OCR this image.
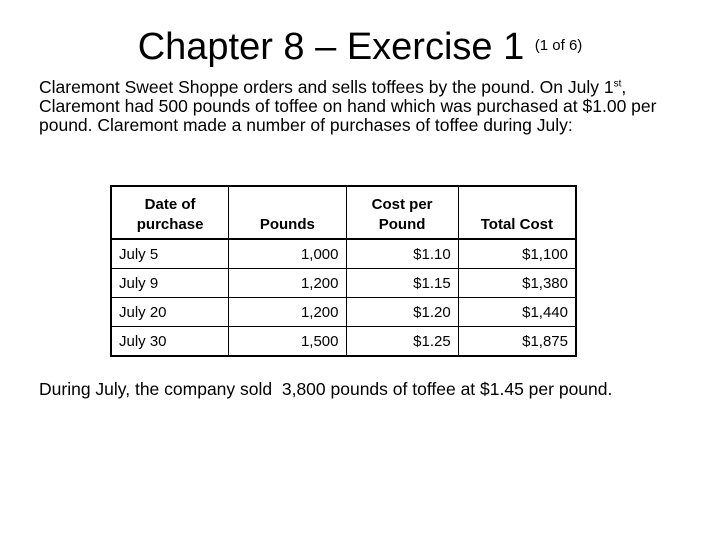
Chapter 8 – Exercise 1 $^{(1 of 6)}$
Claremont Sweet Shoppe orders and sells toffees by the pound. On July 1st, Claremont had 500 pounds of toffee on hand which was purchased at $1.00 per pound. Claremont made a number of purchases of toffee during July:
Date of purchase	Pounds	Cost per Pound	Total Cost
July 5	1,000	$1.10	$1,100
July 9	1,200	$1.15	$1,380
July 20	1,200	$1.20	$1,440
July 30	1,500	$1.25	$1,875
During July, the company sold  3,800 pounds of toffee at $1.45 per pound.
